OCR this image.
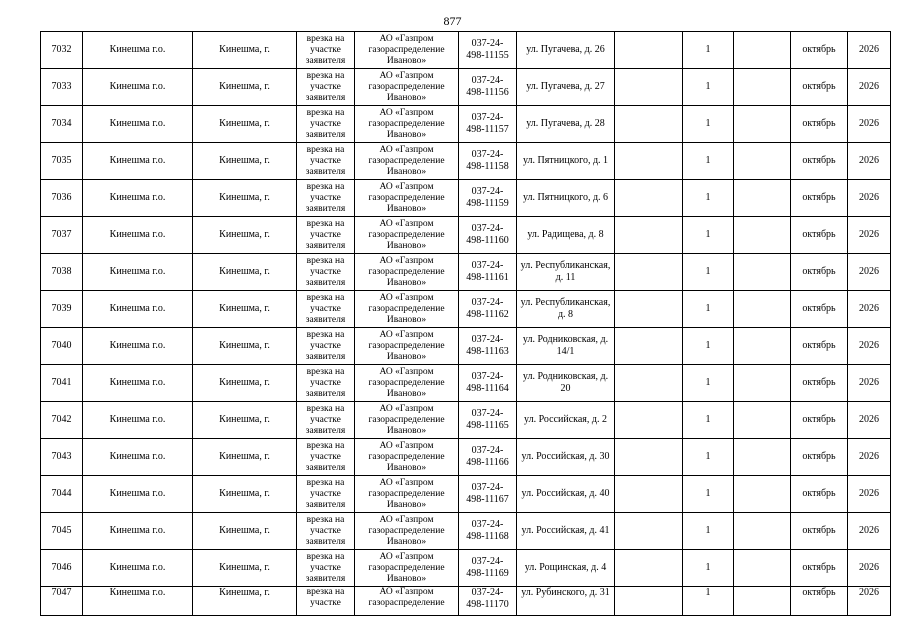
877
7032	Кинешма г.о.	Кинешма, г.	врезка на
участке
заявителя	АО «Газпром
газораспределение
Иваново»	037-24-
498-11155	ул. Пугачева, д. 26		1		октябрь	2026
7033	Кинешма г.о.	Кинешма, г.	врезка на
участке
заявителя	АО «Газпром
газораспределение
Иваново»	037-24-
498-11156	ул. Пугачева, д. 27		1		октябрь	2026
7034	Кинешма г.о.	Кинешма, г.	врезка на
участке
заявителя	АО «Газпром
газораспределение
Иваново»	037-24-
498-11157	ул. Пугачева, д. 28		1		октябрь	2026
7035	Кинешма г.о.	Кинешма, г.	врезка на
участке
заявителя	АО «Газпром
газораспределение
Иваново»	037-24-
498-11158	ул. Пятницкого, д. 1		1		октябрь	2026
7036	Кинешма г.о.	Кинешма, г.	врезка на
участке
заявителя	АО «Газпром
газораспределение
Иваново»	037-24-
498-11159	ул. Пятницкого, д. 6		1		октябрь	2026
7037	Кинешма г.о.	Кинешма, г.	врезка на
участке
заявителя	АО «Газпром
газораспределение
Иваново»	037-24-
498-11160	ул. Радищева, д. 8		1		октябрь	2026
7038	Кинешма г.о.	Кинешма, г.	врезка на
участке
заявителя	АО «Газпром
газораспределение
Иваново»	037-24-
498-11161	ул. Республиканская, д. 11		1		октябрь	2026
7039	Кинешма г.о.	Кинешма, г.	врезка на
участке
заявителя	АО «Газпром
газораспределение
Иваново»	037-24-
498-11162	ул. Республиканская, д. 8		1		октябрь	2026
7040	Кинешма г.о.	Кинешма, г.	врезка на
участке
заявителя	АО «Газпром
газораспределение
Иваново»	037-24-
498-11163	ул. Родниковская, д. 14/1		1		октябрь	2026
7041	Кинешма г.о.	Кинешма, г.	врезка на
участке
заявителя	АО «Газпром
газораспределение
Иваново»	037-24-
498-11164	ул. Родниковская, д. 20		1		октябрь	2026
7042	Кинешма г.о.	Кинешма, г.	врезка на
участке
заявителя	АО «Газпром
газораспределение
Иваново»	037-24-
498-11165	ул. Российская, д. 2		1		октябрь	2026
7043	Кинешма г.о.	Кинешма, г.	врезка на
участке
заявителя	АО «Газпром
газораспределение
Иваново»	037-24-
498-11166	ул. Российская, д. 30		1		октябрь	2026
7044	Кинешма г.о.	Кинешма, г.	врезка на
участке
заявителя	АО «Газпром
газораспределение
Иваново»	037-24-
498-11167	ул. Российская, д. 40		1		октябрь	2026
7045	Кинешма г.о.	Кинешма, г.	врезка на
участке
заявителя	АО «Газпром
газораспределение
Иваново»	037-24-
498-11168	ул. Российская, д. 41		1		октябрь	2026
7046	Кинешма г.о.	Кинешма, г.	врезка на
участке
заявителя	АО «Газпром
газораспределение
Иваново»	037-24-
498-11169	ул. Рощинская, д. 4		1		октябрь	2026
7047	Кинешма г.о.	Кинешма, г.	врезка на
участке	АО «Газпром
газораспределение	037-24-
498-11170	ул. Рубинского, д. 31		1		октябрь	2026
